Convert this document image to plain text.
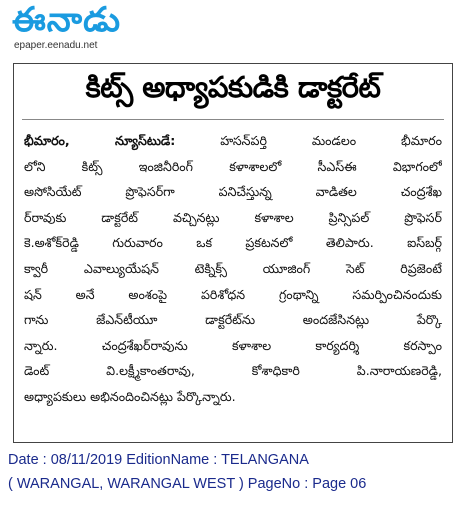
ఈనాడు
epaper.eenadu.net
కిట్స్ అధ్యాపకుడికి డాక్టరేట్
భీమారం, న్యూస్‌టుడే:	హసన్‌పర్తి మండలం భీమారం
లోని కిట్స్ ఇంజినీరింగ్ కళాశాలలో సీఎస్ఈ విభాగంలో
అసోసియేట్ ప్రొఫెసర్‌గా పనిచేస్తున్న వాడితల చంద్రశేఖ
ర్‌రావుకు డాక్టరేట్ వచ్చినట్లు కళాశాల ప్రిన్సిపల్ ప్రొఫెసర్
కె.అశోక్‌రెడ్డి గురువారం ఒక ప్రకటనలో తెలిపారు. ఐస్‌బర్గ్
క్వారీ ఎవాల్యుయేషన్ టెక్నిక్స్ యూజింగ్ సెట్ రిప్రజెంటే
షన్ అనే అంశంపై పరిశోధన గ్రంథాన్ని సమర్పించినందుకు
గాను జేఎన్‌టీయూ డాక్టరేట్‌ను అందజేసినట్లు పేర్కొ
న్నారు. చంద్రశేఖర్‌రావును కళాశాల కార్యదర్శి కరస్పాం
డెంట్ వి.లక్ష్మీకాంతరావు, కోశాధికారి పి.నారాయణరెడ్డి,
అధ్యాపకులు అభినందించినట్లు పేర్కొన్నారు.
Date : 08/11/2019 EditionName : TELANGANA
( WARANGAL, WARANGAL WEST ) PageNo : Page 06
